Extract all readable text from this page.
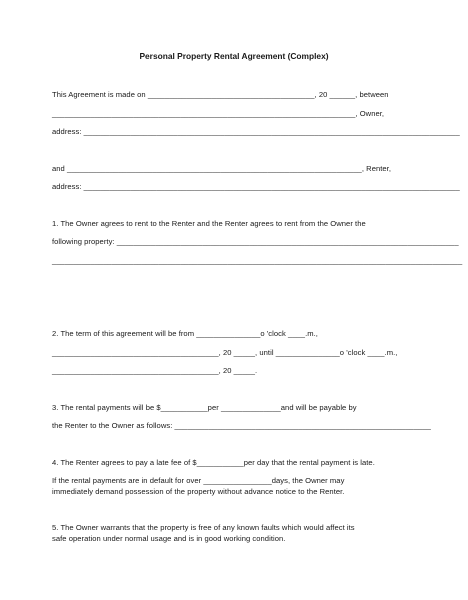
Personal Property Rental Agreement (Complex)
This Agreement is made on _______________________________________, 20 ______, between
_______________________________________________________________________, Owner,
address: ________________________________________________________________________________________
and _____________________________________________________________________, Renter,
address: ________________________________________________________________________________________
1. The Owner agrees to rent to the Renter and the Renter agrees to rent from the Owner the
following property: ________________________________________________________________________________
________________________________________________________________________________________________
2. The term of this agreement will be from _______________o 'clock ____.m.,
_______________________________________, 20 _____, until _______________o 'clock ____.m.,
_______________________________________, 20 _____.
3. The rental payments will be $___________per ______________and will be payable by
the Renter to the Owner as follows: ____________________________________________________________
4. The Renter agrees to pay a late fee of $___________per day that the rental payment is late.
If the rental payments are in default for over ________________days, the Owner may
immediately demand possession of the property without advance notice to the Renter.
5. The Owner warrants that the property is free of any known faults which would affect its
safe operation under normal usage and is in good working condition.
